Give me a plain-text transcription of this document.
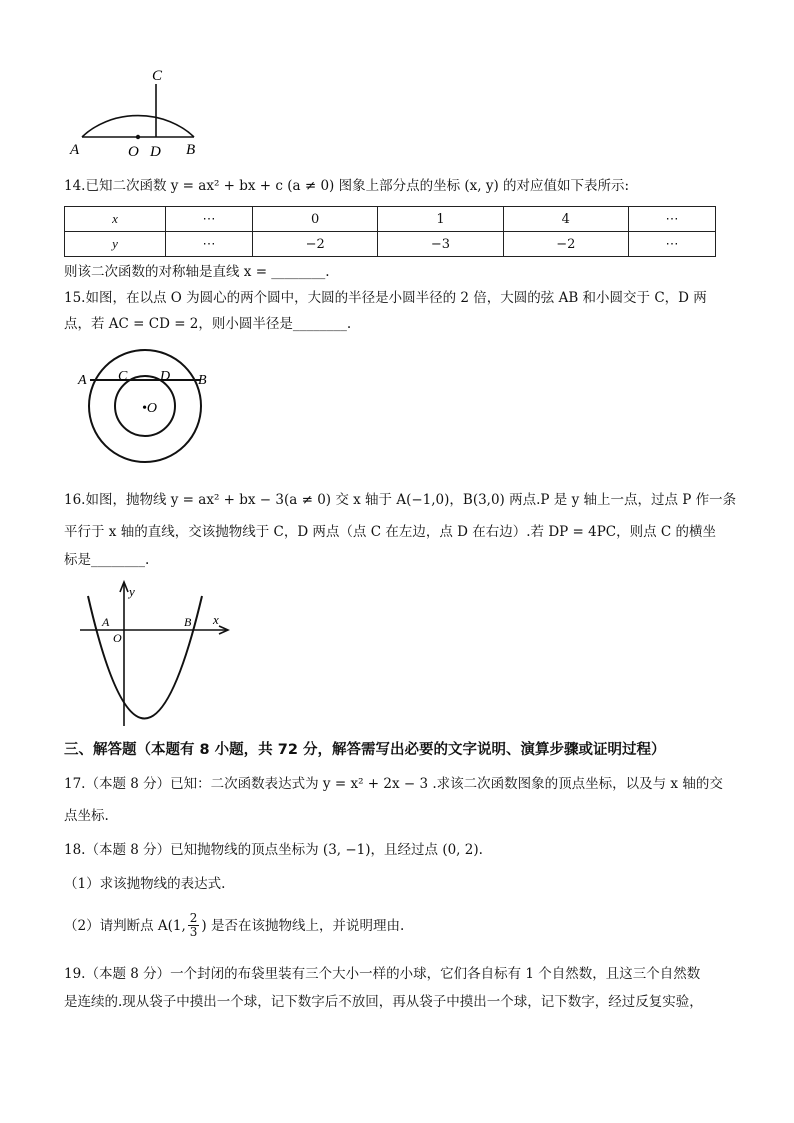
C
A	O D B
14.已知二次函数 y = ax² + bx + c (a ≠ 0) 图象上部分点的坐标 (x, y) 的对应值如下表所示:
x	⋯	0	1	4	⋯
y	⋯	−2	−3	−2	⋯
则该二次函数的对称轴是直线 x = ________.
15.如图，在以点 O 为圆心的两个圆中，大圆的半径是小圆半径的 2 倍，大圆的弦 AB 和小圆交于 C，D 两
点，若 AC = CD = 2，则小圆半径是________.
A C D B
•O
16.如图，抛物线 y = ax² + bx − 3(a ≠ 0) 交 x 轴于 A(−1,0)，B(3,0) 两点.P 是 y 轴上一点，过点 P 作一条
平行于 x 轴的直线，交该抛物线于 C，D 两点（点 C 在左边，点 D 在右边）.若 DP = 4PC，则点 C 的横坐
标是________.
y
x
A
O
B
三、解答题（本题有 8 小题，共 72 分，解答需写出必要的文字说明、演算步骤或证明过程）
17.（本题 8 分）已知：二次函数表达式为 y = x² + 2x − 3 .求该二次函数图象的顶点坐标，以及与 x 轴的交
点坐标.
18.（本题 8 分）已知抛物线的顶点坐标为 (3, −1)，且经过点 (0, 2).
（1）求该抛物线的表达式.
（2）请判断点 A(1, $\frac{2}{3}$ ) 是否在该抛物线上，并说明理由.
19.（本题 8 分）一个封闭的布袋里装有三个大小一样的小球，它们各自标有 1 个自然数，且这三个自然数
是连续的.现从袋子中摸出一个球，记下数字后不放回，再从袋子中摸出一个球，记下数字，经过反复实验，
